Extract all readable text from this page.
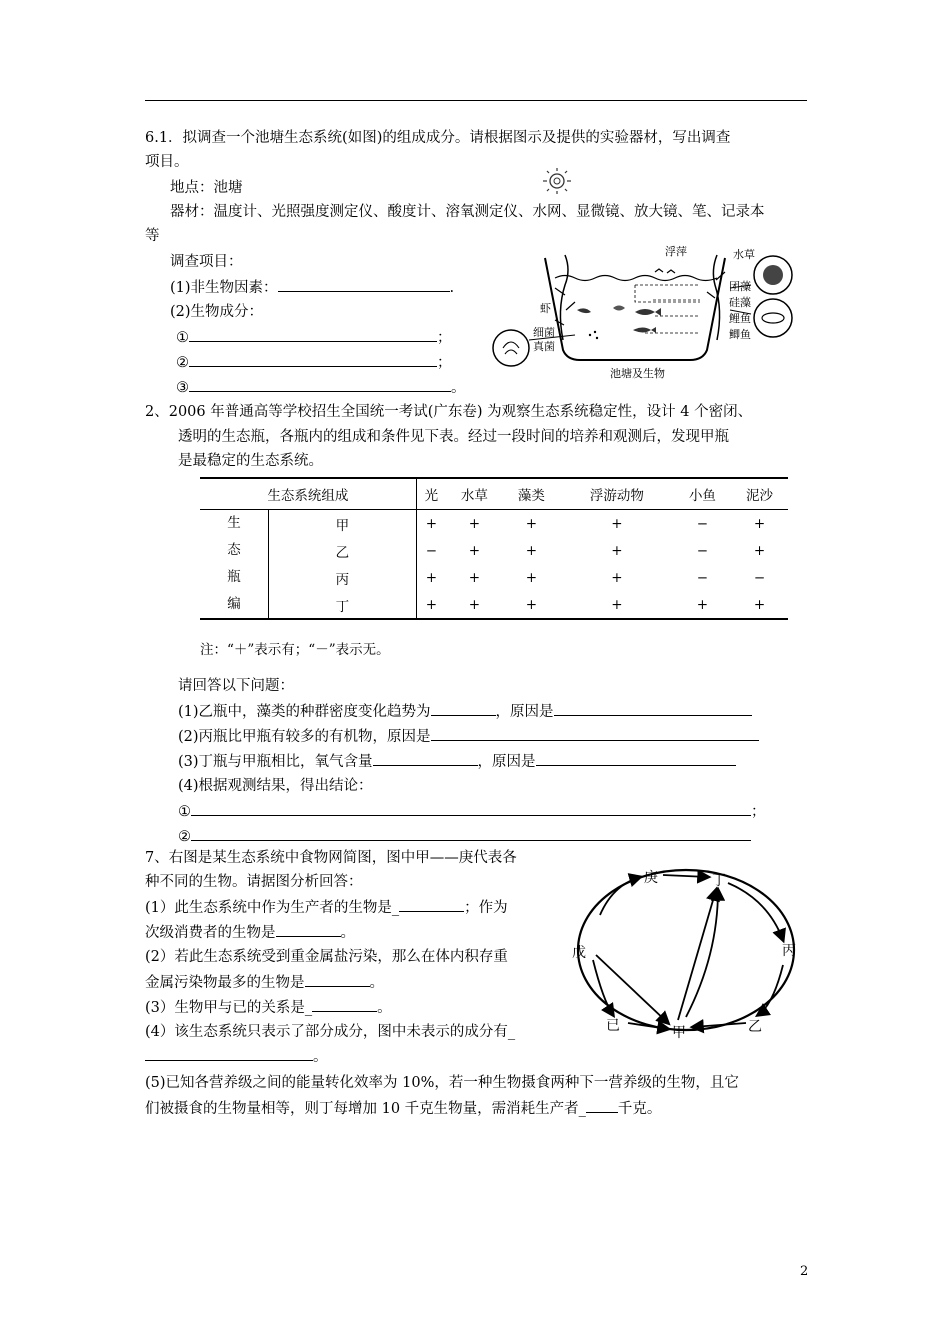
6.1．拟调查一个池塘生态系统(如图)的组成成分。请根据图示及提供的实验器材，写出调查
项目。
地点：池塘
器材：温度计、光照强度测定仪、酸度计、溶氧测定仪、水网、显微镜、放大镜、笔、记录本
等
调查项目：
(1)非生物因素：	.
(2)生物成分：
①	；
②	；
③	。
浮萍	水草
团藻
硅藻
鲤鱼
鲫鱼
虾
细菌
真菌
池塘及生物
2、2006 年普通高等学校招生全国统一考试(广东卷) 为观察生态系统稳定性，设计 4 个密闭、
透明的生态瓶，各瓶内的组成和条件见下表。经过一段时间的培养和观测后，发现甲瓶
是最稳定的生态系统。
生态系统组成		光	水草	藻类	浮游动物	小鱼	泥沙

生
态
瓶
编	甲	+	+	+	+	−	+
	乙	−	+	+	+	−	+
	丙	+	+	+	+	−	−
	丁	+	+	+	+	+	+
注：“＋”表示有；“－”表示无。
请回答以下问题：
(1)乙瓶中，藻类的种群密度变化趋势为	，原因是
(2)丙瓶比甲瓶有较多的有机物，原因是
(3)丁瓶与甲瓶相比，氧气含量	，原因是
(4)根据观测结果，得出结论：
①	；
②
7、右图是某生态系统中食物网简图，图中甲——庚代表各
种不同的生物。请据图分析回答：
(1）此生态系统中作为生产者的生物是_	；作为
次级消费者的生物是	。
(2）若此生态系统受到重金属盐污染，那么在体内积存重
金属污染物最多的生物是	。
(3）生物甲与已的关系是_	。
(4）该生态系统只表示了部分成分，图中未表示的成分有_
。
(5)已知各营养级之间的能量转化效率为 10%，若一种生物摄食两种下一营养级的生物，且它
们被摄食的生物量相等，则丁每增加 10 千克生物量，需消耗生产者_ 千克。
庚	丁
戊	丙
已	甲	乙
2
